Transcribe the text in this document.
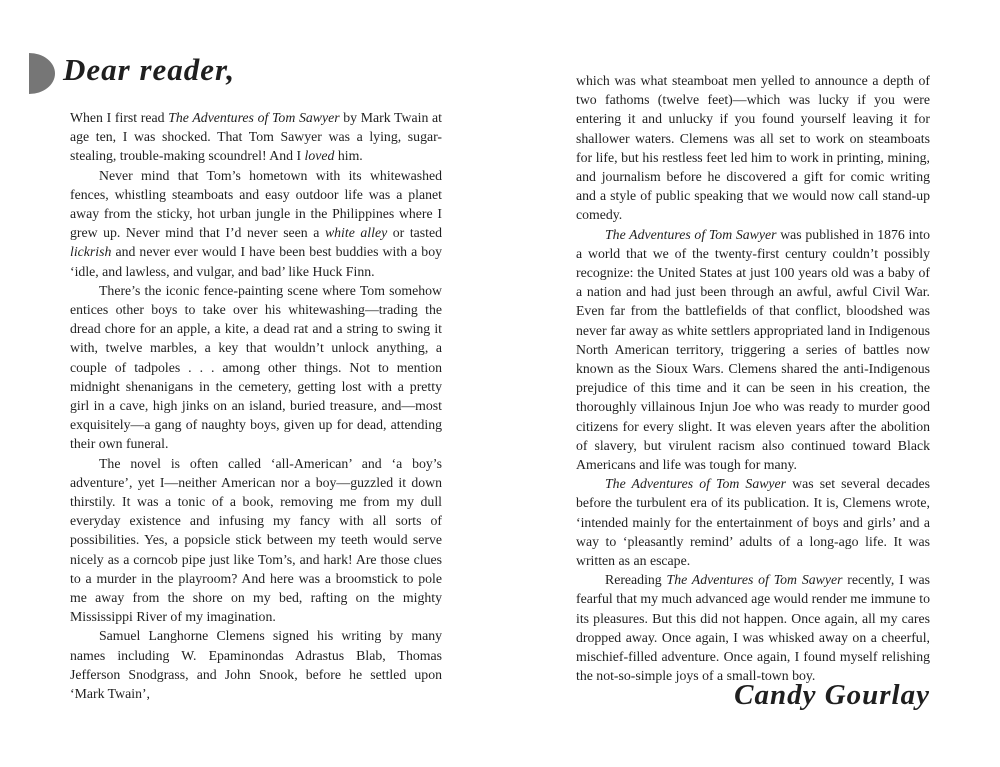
Dear reader,

When I first read The Adventures of Tom Sawyer by Mark Twain at age ten, I was shocked. That Tom Sawyer was a lying, sugar-stealing, trouble-making scoundrel! And I loved him.

Never mind that Tom’s hometown with its whitewashed fences, whistling steamboats and easy outdoor life was a planet away from the sticky, hot urban jungle in the Philippines where I grew up. Never mind that I’d never seen a white alley or tasted lickrish and never ever would I have been best buddies with a boy ‘idle, and lawless, and vulgar, and bad’ like Huck Finn.

There’s the iconic fence-painting scene where Tom somehow entices other boys to take over his whitewashing—trading the dread chore for an apple, a kite, a dead rat and a string to swing it with, twelve marbles, a key that wouldn’t unlock anything, a couple of tadpoles . . . among other things. Not to mention midnight shenanigans in the cemetery, getting lost with a pretty girl in a cave, high jinks on an island, buried treasure, and—most exquisitely—a gang of naughty boys, given up for dead, attending their own funeral.

The novel is often called ‘all-American’ and ‘a boy’s adventure’, yet I—neither American nor a boy—guzzled it down thirstily. It was a tonic of a book, removing me from my dull everyday existence and infusing my fancy with all sorts of possibilities. Yes, a popsicle stick between my teeth would serve nicely as a corncob pipe just like Tom’s, and hark! Are those clues to a murder in the playroom? And here was a broomstick to pole me away from the shore on my bed, rafting on the mighty Mississippi River of my imagination.

Samuel Langhorne Clemens signed his writing by many names including W. Epaminondas Adrastus Blab, Thomas Jefferson Snodgrass, and John Snook, before he settled upon ‘Mark Twain’,

which was what steamboat men yelled to announce a depth of two fathoms (twelve feet)—which was lucky if you were entering it and unlucky if you found yourself leaving it for shallower waters. Clemens was all set to work on steamboats for life, but his restless feet led him to work in printing, mining, and journalism before he discovered a gift for comic writing and a style of public speaking that we would now call stand-up comedy.

The Adventures of Tom Sawyer was published in 1876 into a world that we of the twenty-first century couldn’t possibly recognize: the United States at just 100 years old was a baby of a nation and had just been through an awful, awful Civil War. Even far from the battlefields of that conflict, bloodshed was never far away as white settlers appropriated land in Indigenous North American territory, triggering a series of battles now known as the Sioux Wars. Clemens shared the anti-Indigenous prejudice of this time and it can be seen in his creation, the thoroughly villainous Injun Joe who was ready to murder good citizens for every slight. It was eleven years after the abolition of slavery, but virulent racism also continued toward Black Americans and life was tough for many.

The Adventures of Tom Sawyer was set several decades before the turbulent era of its publication. It is, Clemens wrote, ‘intended mainly for the entertainment of boys and girls’ and a way to ‘pleasantly remind’ adults of a long-ago life. It was written as an escape.

Rereading The Adventures of Tom Sawyer recently, I was fearful that my much advanced age would render me immune to its pleasures. But this did not happen. Once again, all my cares dropped away. Once again, I was whisked away on a cheerful, mischief-filled adventure. Once again, I found myself relishing the not-so-simple joys of a small-town boy.

Candy Gourlay
